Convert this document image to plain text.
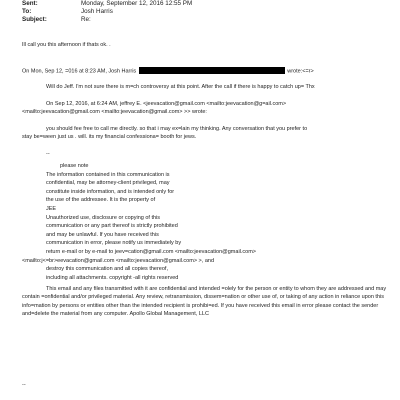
Sent:	Monday, September 12, 2016 12:55 PM
To:	Josh Harris
Subject:	Re:
Ill call you this afternoon if thats ok. .
On Mon, Sep 12, =016 at 8:23 AM, Josh Harris	wrote:<=r>
Will do Jeff. I'm not sure there is m=ch controversy at this point. After the call if there is happy to catch up= Thx
On Sep 12, 2016, at 6:24 AM, jeffrey E. <jeevacation@gmail.com <mailto:jeevacation@g=ail.com>
<mailto:jeevacation@gmail.com <mailto:jeevacation@gmail.com> >> wrote:
you should fee free to call me directly. so that i may ex=lain my thinking. Any conversation that you prefer to
stay be=ween just us . will. its my financial confessiona= booth for jews.
--
please note
The information contained in this communication is
confidential, may be attorney-client privileged, may
constitute inside information, and is intended only for
the use of the addressee. It is the property of
JEE
Unauthorized use, disclosure or copying of this
communication or any part thereof is strictly prohibited
and may be unlawful. If you have received this
communication in error, please notify us immediately by
return e-mail or by e-mail to jeev=cation@gmail.com <mailto:jeevacation@gmail.com>
<mailto:j<=br>eevacation@gmail.com <mailto:jeevacation@gmail.com> >, and
destroy this communication and all copies thereof,
including all attachments. copyright -all rights reserved
This email and any files transmitted with it are confidential and intended =olely for the person or entity to whom they are addressed and may contain =onfidential and/or privileged material. Any review, retransmission, dissem=nation or other use of, or taking of any action in reliance upon this info=mation by persons or entities other than the intended recipient is prohibi=ed. If you have received this email in error please contact the sender and=delete the material from any computer. Apollo Global Management, LLC
--
